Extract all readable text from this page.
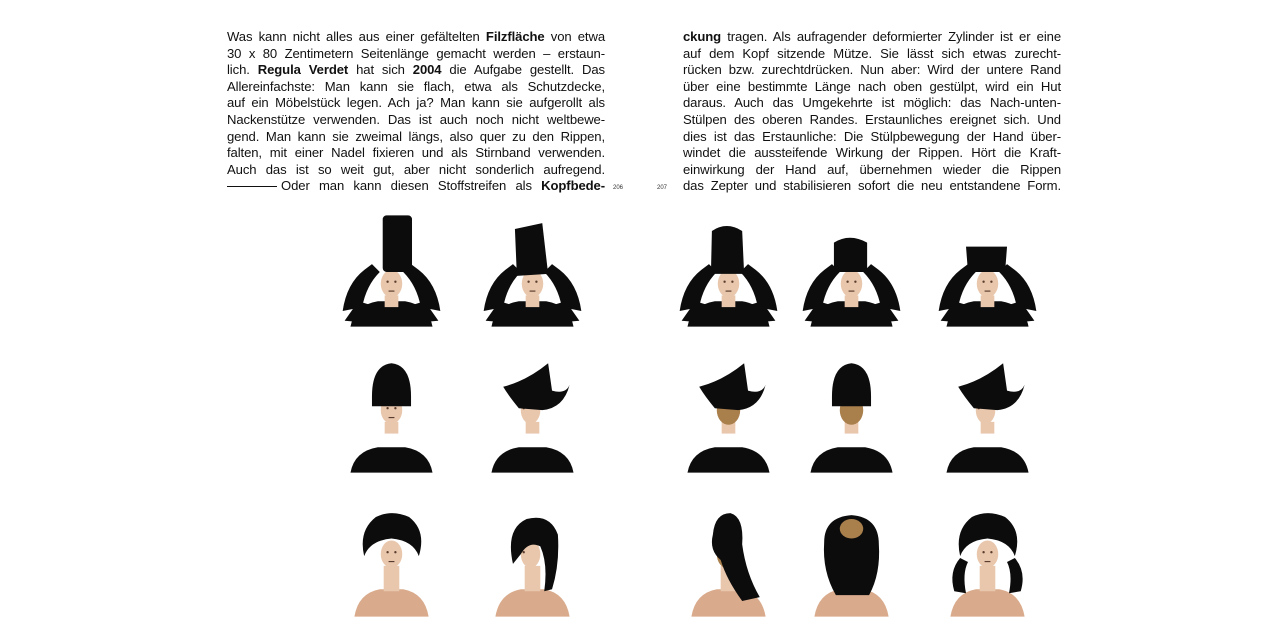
Was kann nicht alles aus einer gefältelten Filzfläche von etwa
30 x 80 Zentimetern Seitenlänge gemacht werden – erstaun-
lich. Regula Verdet hat sich 2004 die Aufgabe gestellt. Das
Allereinfachste: Man kann sie flach, etwa als Schutzdecke,
auf ein Möbelstück legen. Ach ja? Man kann sie aufgerollt als
Nackenstütze verwenden. Das ist auch noch nicht weltbewe-
gend. Man kann sie zweimal längs, also quer zu den Rippen,
falten, mit einer Nadel fixieren und als Stirnband verwenden.
Auch das ist so weit gut, aber nicht sonderlich aufregend.
Oder man kann diesen Stoffstreifen als Kopfbede- 206	207
ckung tragen. Als aufragender deformierter Zylinder ist er eine
auf dem Kopf sitzende Mütze. Sie lässt sich etwas zurecht-
rücken bzw. zurechtdrücken. Nun aber: Wird der untere Rand
über eine bestimmte Länge nach oben gestülpt, wird ein Hut
daraus. Auch das Umgekehrte ist möglich: das Nach-unten-
Stülpen des oberen Randes. Erstaunliches ereignet sich. Und
dies ist das Erstaunliche: Die Stülpbewegung der Hand über-
windet die aussteifende Wirkung der Rippen. Hört die Kraft-
einwirkung der Hand auf, übernehmen wieder die Rippen
das Zepter und stabilisieren sofort die neu entstandene Form.
